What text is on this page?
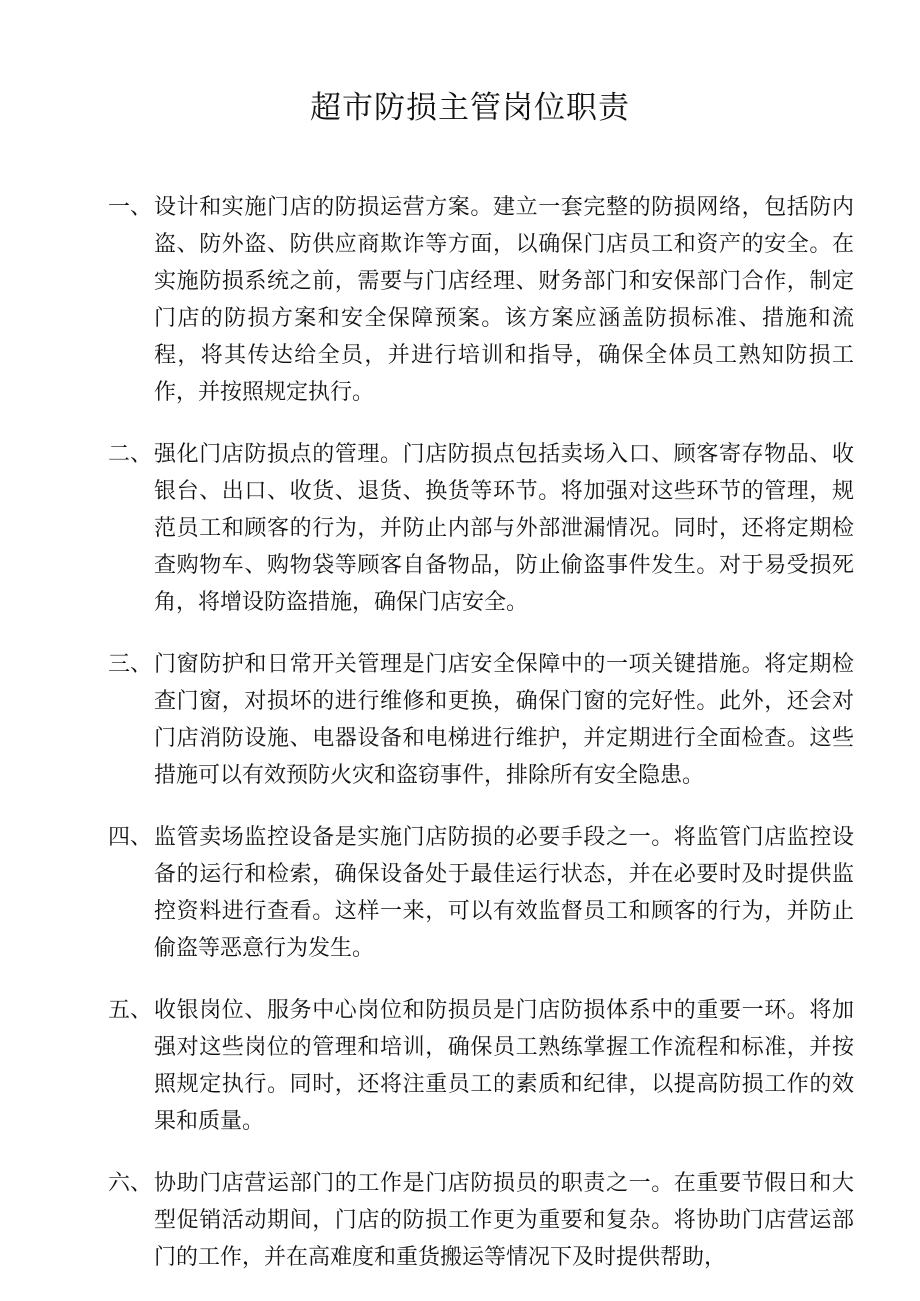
超市防损主管岗位职责
一、 设计和实施门店的防损运营方案。建立一套完整的防损网络，包括防内盗、防外盗、防供应商欺诈等方面，以确保门店员工和资产的安全。在实施防损系统之前，需要与门店经理、财务部门和安保部门合作，制定门店的防损方案和安全保障预案。该方案应涵盖防损标准、措施和流程，将其传达给全员，并进行培训和指导，确保全体员工熟知防损工作，并按照规定执行。
二、 强化门店防损点的管理。门店防损点包括卖场入口、顾客寄存物品、收银台、出口、收货、退货、换货等环节。将加强对这些环节的管理，规范员工和顾客的行为，并防止内部与外部泄漏情况。同时，还将定期检查购物车、购物袋等顾客自备物品，防止偷盗事件发生。对于易受损死角，将增设防盗措施，确保门店安全。
三、 门窗防护和日常开关管理是门店安全保障中的一项关键措施。将定期检查门窗，对损坏的进行维修和更换，确保门窗的完好性。此外，还会对门店消防设施、电器设备和电梯进行维护，并定期进行全面检查。这些措施可以有效预防火灾和盗窃事件，排除所有安全隐患。
四、 监管卖场监控设备是实施门店防损的必要手段之一。将监管门店监控设备的运行和检索，确保设备处于最佳运行状态，并在必要时及时提供监控资料进行查看。这样一来，可以有效监督员工和顾客的行为，并防止偷盗等恶意行为发生。
五、 收银岗位、服务中心岗位和防损员是门店防损体系中的重要一环。将加强对这些岗位的管理和培训，确保员工熟练掌握工作流程和标准，并按照规定执行。同时，还将注重员工的素质和纪律，以提高防损工作的效果和质量。
六、 协助门店营运部门的工作是门店防损员的职责之一。在重要节假日和大型促销活动期间，门店的防损工作更为重要和复杂。将协助门店营运部门的工作，并在高难度和重货搬运等情况下及时提供帮助，
